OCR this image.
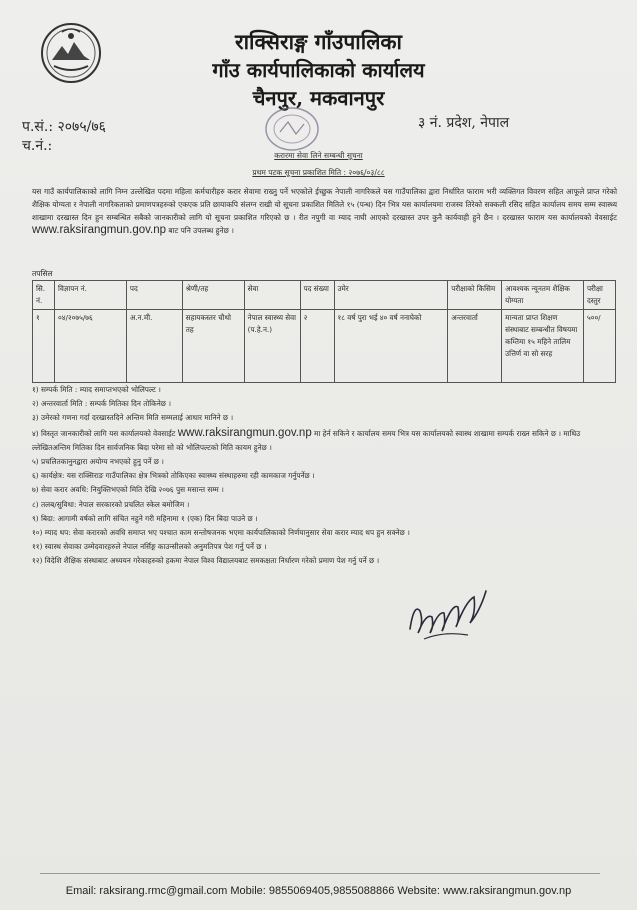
राक्सिराङ्ग गाँउपालिका
गाँउ कार्यपालिकाको कार्यालय
चैनपुर, मकवानपुर
प.सं.: २०७५/७६
च.नं.:
३ नं. प्रदेश, नेपाल
करारमा सेवा लिने सम्बन्धी सूचना
प्रथम पटक सूचना प्रकाशित मिति : २०७६/०३/८८
यस गाउँ कार्यपालिकाको लागि निम्न उल्लेखित पदमा महिला कर्मचारीहरु करार सेवामा राख्नु पर्ने भएकोले ईच्छुक नेपाली नागरिकले यस गाउँपालिका द्वारा निर्धारित फाराम भरी व्यक्तिगत विवरण सहित आफूले प्राप्त गरेको शैक्षिक योग्यता र नेपाली नागरिकताको प्रमाणपत्रहरुको एकएक प्रति छायाकपि संलग्न राखी यो सूचना प्रकाशित मितिले १५ (पन्ध) दिन भित्र यस कार्यालयमा राजस्व तिरेको सक्कली रसिद सहित कार्यालय समय सम्म स्वास्थ्य शाखामा दरखास्त दिन हुन सम्बन्धित सबैको जानकारीको लागि यो सूचना प्रकाशित गरिएको छ । रीत नपुगी वा म्याद नाघी आएको दरखास्त उपर कुनै कार्यवाही हुने छैन । दरखास्त फाराम यस कार्यालयको वेवसाईट www.raksirangmun.gov.np बाट पनि उपलब्ध हुनेछ ।
तपसिल
सि. नं.	विज्ञापन नं.	पद	श्रेणी/तह	सेवा	पद संख्या	उमेर	परीक्षाको किसिम	आवश्यक न्यूनतम शैक्षिक योग्यता	परीक्षा दस्तुर
१	०४/२०७५/७६	अ.न.मी.	सहायकस्तर चौथो तह	नेपाल स्वास्थ्य सेवा (प.हे.न.)	२	१८ वर्ष पुरा भई ४० वर्ष ननाघेको	अन्तरवार्ता	मान्यता प्राप्त शिक्षण संस्थाबाट सम्बन्धीत विषयमा कम्तिमा १५ महिने तालिम उत्तिर्ण वा सो सरह	५००/
१) सम्पर्क मिति : म्याद समाप्तभएको भोलिपल्ट ।
२) अन्तरवार्ता मिति : सम्पर्क मितिका दिन तोकिनेछ ।
३) उमेरको गणना गर्दा दरखास्तदिने अन्तिम मिति सम्मलाई आधार मानिने छ ।
४) विस्तृत जानकारीको लागि यस कार्यालयको वेवसाईट www.raksirangmun.gov.np मा हेर्न सकिने र कार्यालय समय भित्र यस कार्यालयको स्वास्थ शाखामा सम्पर्क राख्न सकिने छ । माथिउ ल्लेखितअन्तिम मितिका दिन सार्वजनिक बिदा परेमा सो को भोलिपल्टको मिति कायम हुनेछ ।
५) प्रचलितकानुनद्वारा अयोग्य नभएको हुनु पर्ने छ ।
६) कार्यक्षेत्र: यस राक्सिराङ गाउँपालिका क्षेत्र भित्रको तोकिएका स्वास्थ्य संस्थाहरुमा रही कामकाज गर्नुपर्नेछ ।
७) सेवा करार अवधि: नियुक्तिभएको मिति देखि २०७६ पुस मसान्त सम्म ।
८) तलब/सुविधा: नेपाल सरकारको प्रचलित स्केल बमोजिम ।
९) बिदा: आगामी वर्षको लागि संचित नहुने गरी महिनामा १ (एक) दिन बिदा पाउने छ ।
१०) म्याद थप: सेवा करारको अवधि समाप्त भए पश्चात काम सन्तोषजनक भएमा कार्यपालिकाको निर्णयानुसार सेवा करार म्याद थप हुन सक्नेछ ।
११) स्वास्थ सेवाका उम्मेदवारहरुले नेपाल नर्सिङ्ग काउन्सीलको अनुमतिपत्र पेश गर्नु पर्ने छ ।
१२) विदेशि शैक्षिक संस्थाबाट अध्ययन गरेकाहरुको हकमा नेपाल विश्व विद्यालयबाट समकक्षता निर्धारण गरेको प्रमाण पेश गर्नु पर्ने छ ।
Email: raksirang.rmc@gmail.com Mobile: 9855069405,9855088866 Website: www.raksirangmun.gov.np
